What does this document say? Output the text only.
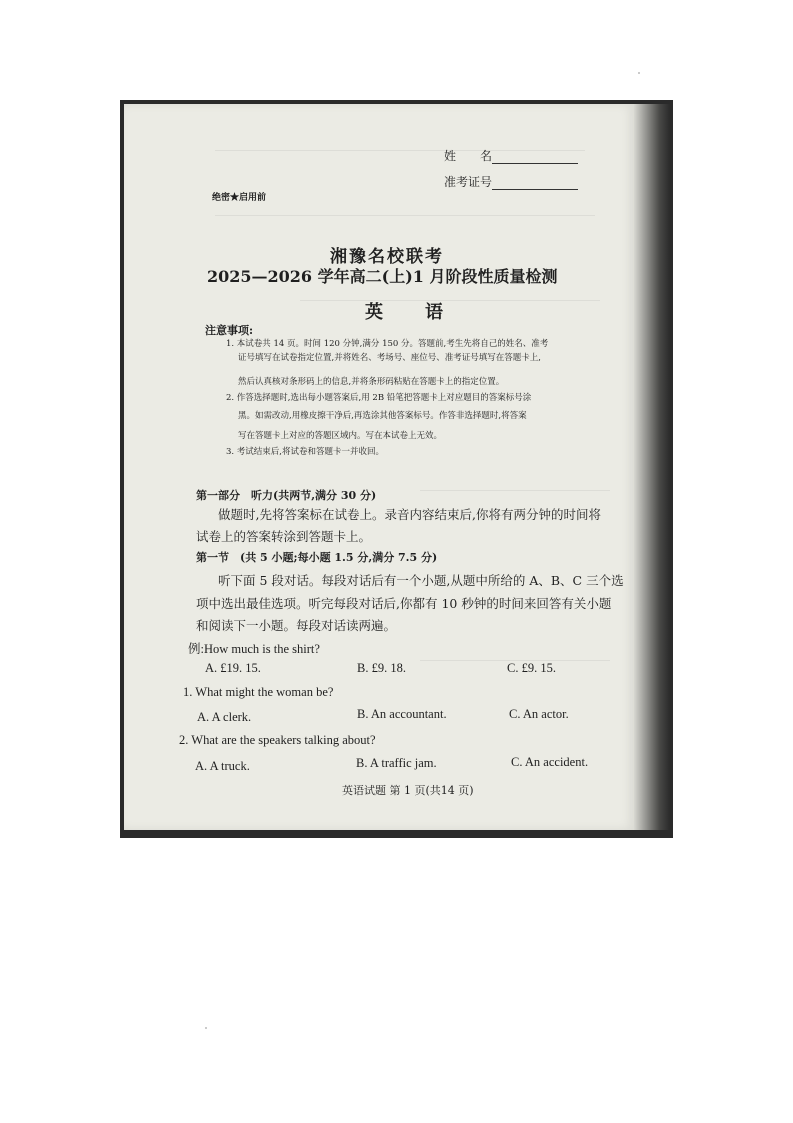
姓　　名
准考证号
绝密★启用前
湘豫名校联考
2025—2026 学年高二(上)1 月阶段性质量检测
英　语
注意事项:
1. 本试卷共 14 页。时间 120 分钟,满分 150 分。答题前,考生先将自己的姓名、准考
证号填写在试卷指定位置,并将姓名、考场号、座位号、准考证号填写在答题卡上,
然后认真核对条形码上的信息,并将条形码粘贴在答题卡上的指定位置。
2. 作答选择题时,选出每小题答案后,用 2B 铅笔把答题卡上对应题目的答案标号涂
黑。如需改动,用橡皮擦干净后,再选涂其他答案标号。作答非选择题时,将答案
写在答题卡上对应的答题区域内。写在本试卷上无效。
3. 考试结束后,将试卷和答题卡一并收回。
第一部分　听力(共两节,满分 30 分)
做题时,先将答案标在试卷上。录音内容结束后,你将有两分钟的时间将
试卷上的答案转涂到答题卡上。
第一节　(共 5 小题;每小题 1.5 分,满分 7.5 分)
听下面 5 段对话。每段对话后有一个小题,从题中所给的 A、B、C 三个选
项中选出最佳选项。听完每段对话后,你都有 10 秒钟的时间来回答有关小题
和阅读下一小题。每段对话读两遍。
例:How much is the shirt?
A. £19. 15.	B. £9. 18.	C. £9. 15.
1. What might the woman be?
A. A clerk.	B. An accountant.	C. An actor.
2. What are the speakers talking about?
A. A truck.	B. A traffic jam.	C. An accident.
英语试题 第 1 页(共14 页)
